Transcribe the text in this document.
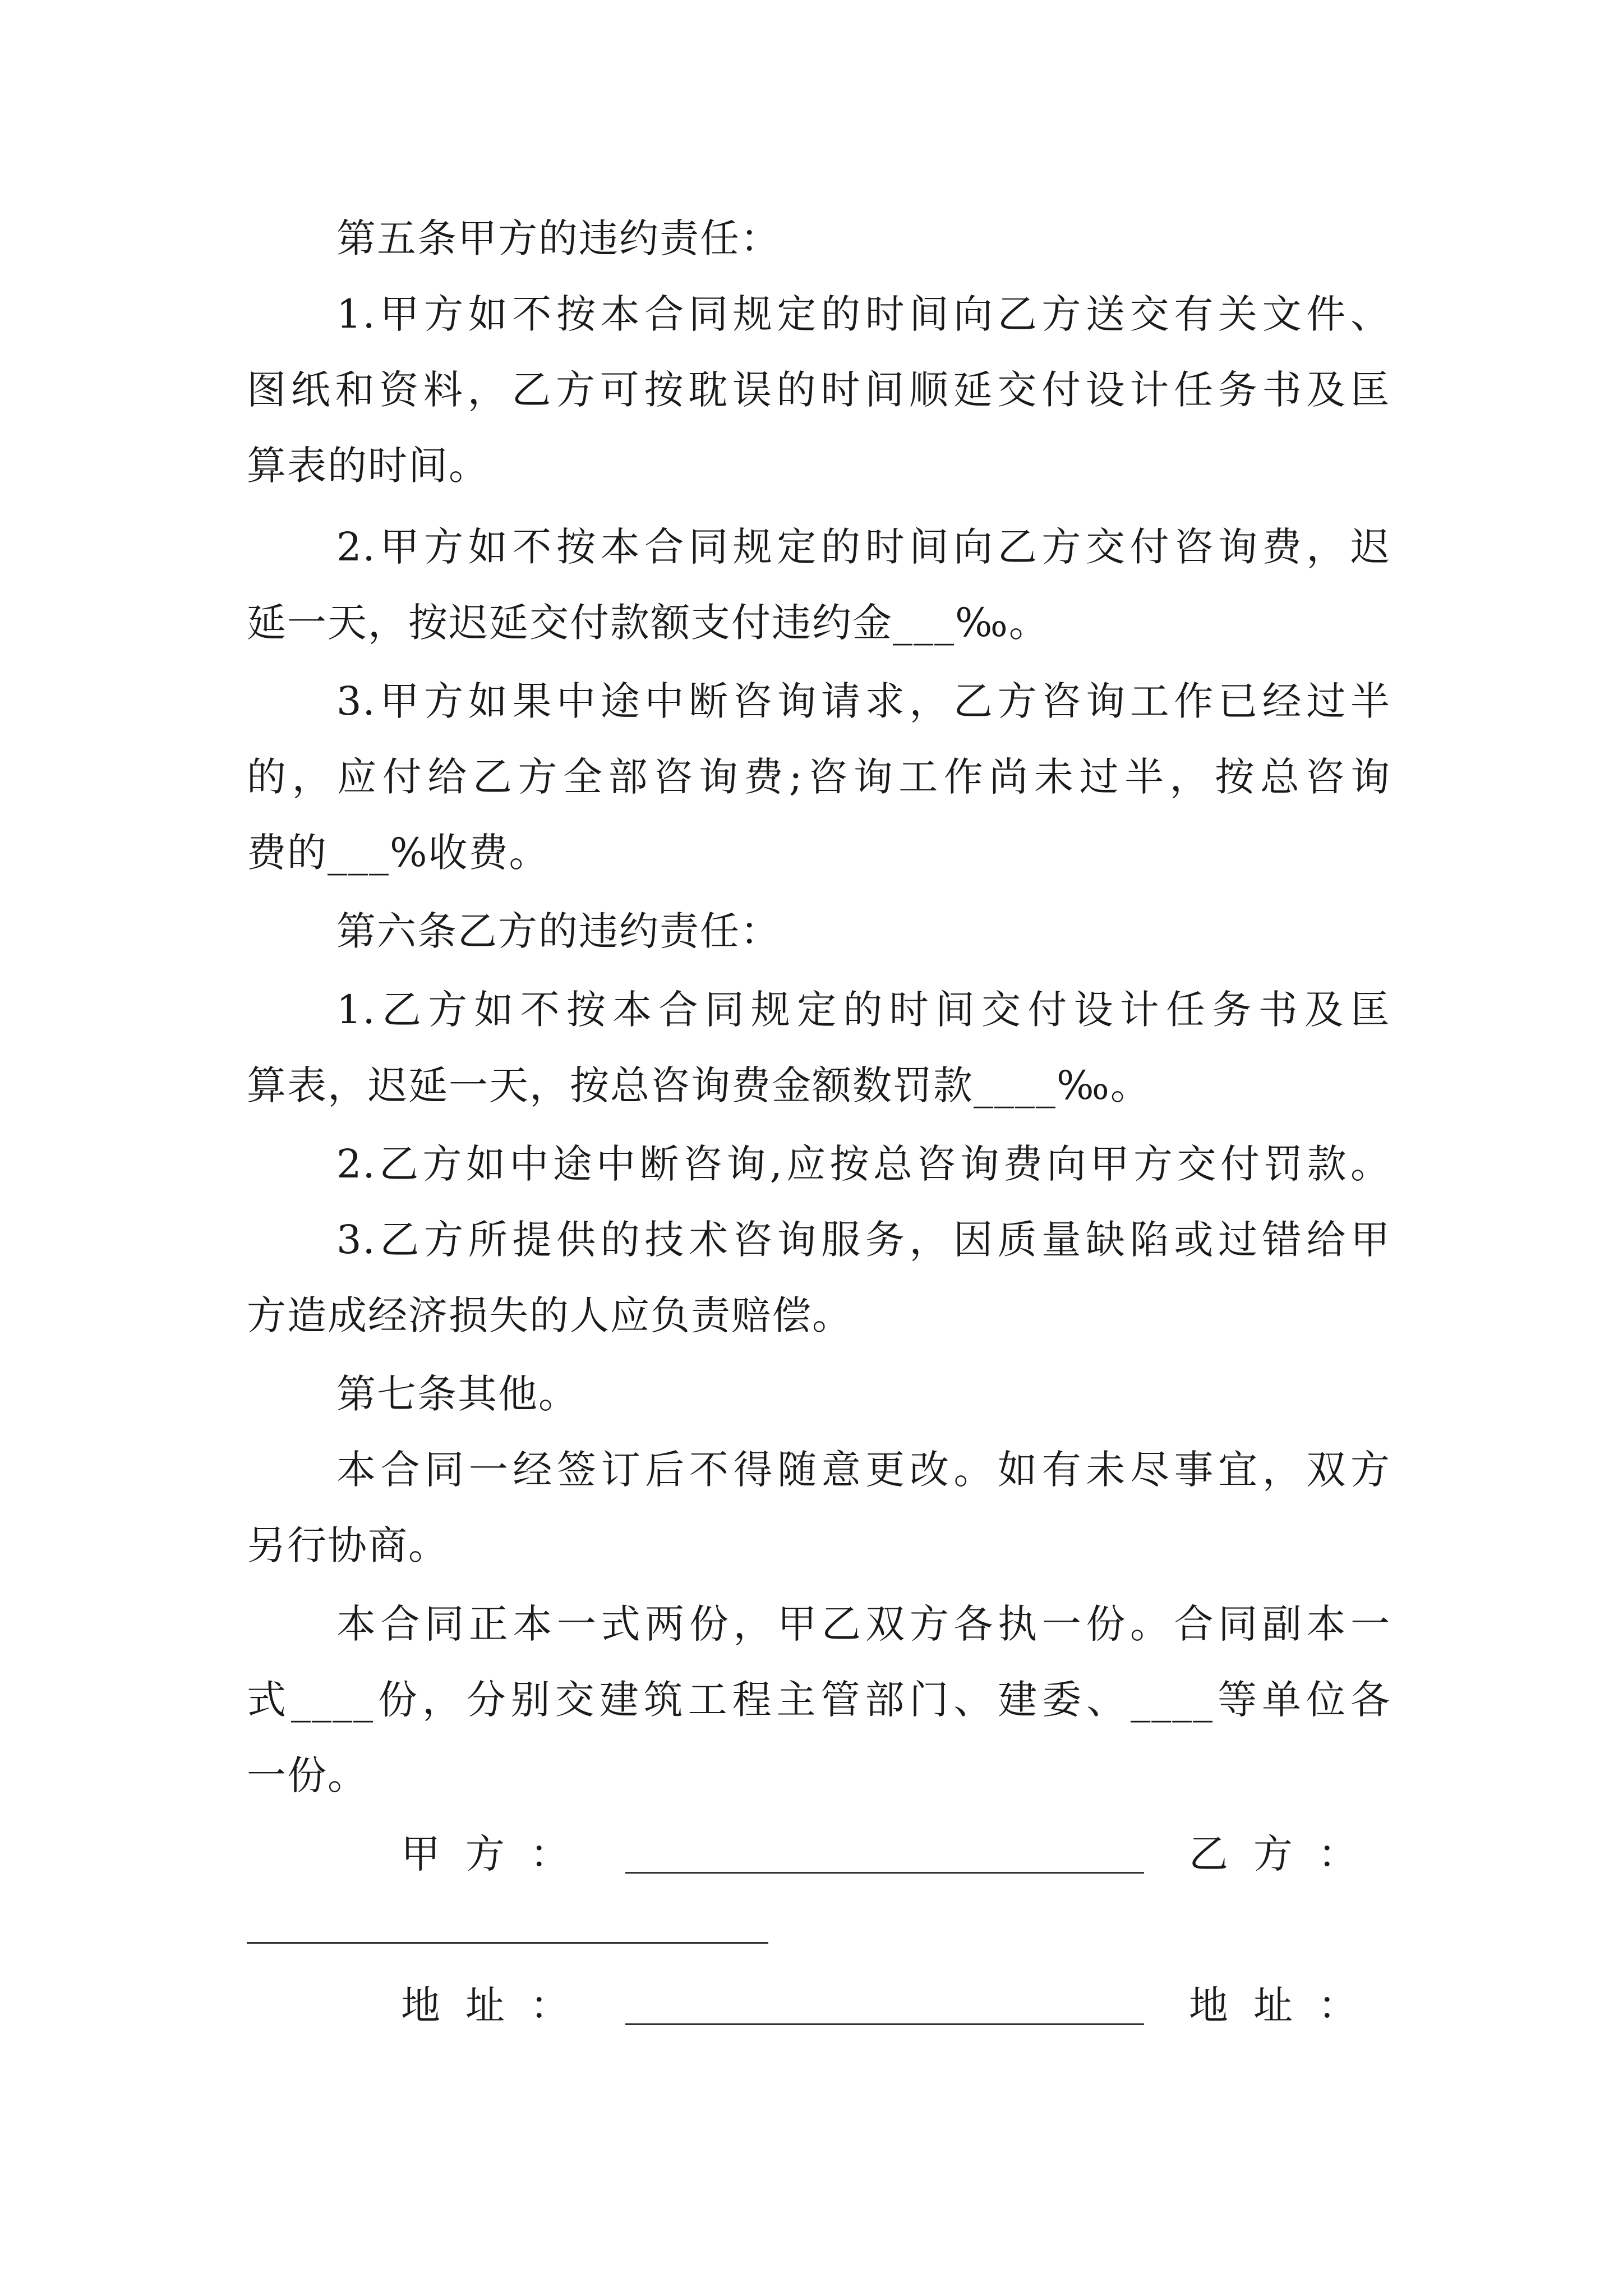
第五条甲方的违约责任：
1.甲方如不按本合同规定的时间向乙方送交有关文件、
图纸和资料，乙方可按耽误的时间顺延交付设计任务书及匡
算表的时间。
2.甲方如不按本合同规定的时间向乙方交付咨询费，迟
延一天，按迟延交付款额支付违约金___‰。
3.甲方如果中途中断咨询请求，乙方咨询工作已经过半
的，应付给乙方全部咨询费;咨询工作尚未过半，按总咨询
费的___%收费。
第六条乙方的违约责任：
1.乙方如不按本合同规定的时间交付设计任务书及匡
算表，迟延一天，按总咨询费金额数罚款____‰。
2.乙方如中途中断咨询,应按总咨询费向甲方交付罚款。
3.乙方所提供的技术咨询服务，因质量缺陷或过错给甲
方造成经济损失的人应负责赔偿。
第七条其他。
本合同一经签订后不得随意更改。如有未尽事宜，双方
另行协商。
本合同正本一式两份，甲乙双方各执一份。合同副本一
式____份，分别交建筑工程主管部门、建委、____等单位各
一份。
甲方：	乙方：
地址：	地址：
